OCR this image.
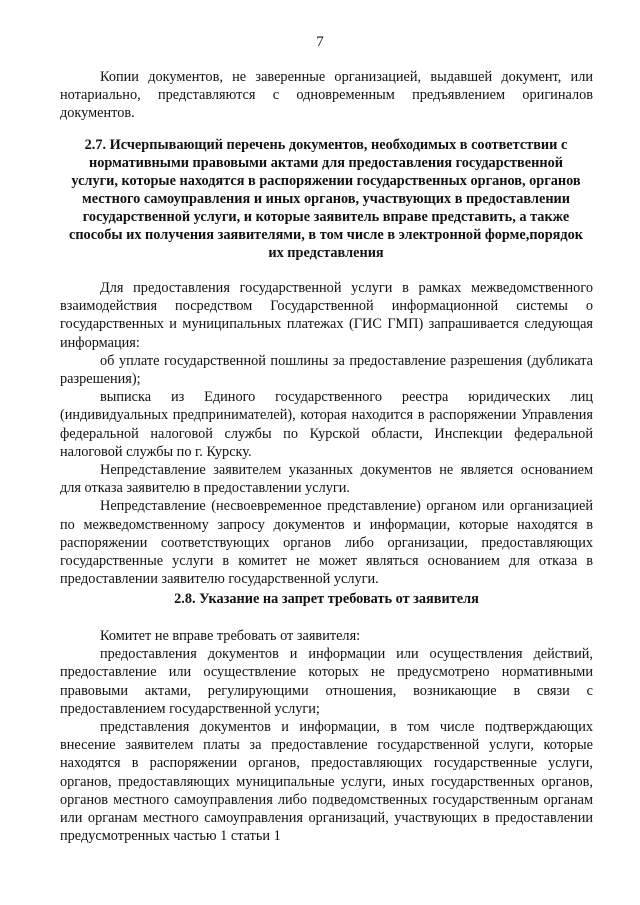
7

Копии документов, не заверенные организацией, выдавшей документ, или нотариально, представляются с одновременным предъявлением оригиналов документов.

2.7. Исчерпывающий перечень документов, необходимых в соответствии с нормативными правовыми актами для предоставления государственной услуги, которые находятся в распоряжении государственных органов, органов местного самоуправления и иных органов, участвующих в предоставлении государственной услуги, и которые заявитель вправе представить, а также способы их получения заявителями, в том числе в электронной форме,порядок их представления

Для предоставления государственной услуги в рамках межведомственного взаимодействия посредством Государственной информационной системы о государственных и муниципальных платежах (ГИС ГМП) запрашивается следующая информация:

об уплате государственной пошлины за предоставление разрешения (дубликата разрешения);

выписка из Единого государственного реестра юридических лиц (индивидуальных предпринимателей), которая находится в распоряжении Управления федеральной налоговой службы по Курской области, Инспекции федеральной налоговой службы по г. Курску.

Непредставление заявителем указанных документов не является основанием для отказа заявителю в предоставлении услуги.

Непредставление (несвоевременное представление) органом или организацией по межведомственному запросу документов и информации, которые находятся в распоряжении соответствующих органов либо организации, предоставляющих государственные услуги в комитет не может являться основанием для отказа в предоставлении заявителю государственной услуги.

2.8. Указание на запрет требовать от заявителя

Комитет не вправе требовать от заявителя:

предоставления документов и информации или осуществления действий, предоставление или осуществление которых не предусмотрено нормативными правовыми актами, регулирующими отношения, возникающие в связи с предоставлением государственной услуги;

представления документов и информации, в том числе подтверждающих внесение заявителем платы за предоставление государственной услуги, которые находятся в распоряжении органов, предоставляющих государственные услуги, органов, предоставляющих муниципальные услуги, иных государственных органов, органов местного самоуправления либо подведомственных государственным органам или органам местного самоуправления организаций, участвующих в предоставлении предусмотренных частью 1 статьи 1
